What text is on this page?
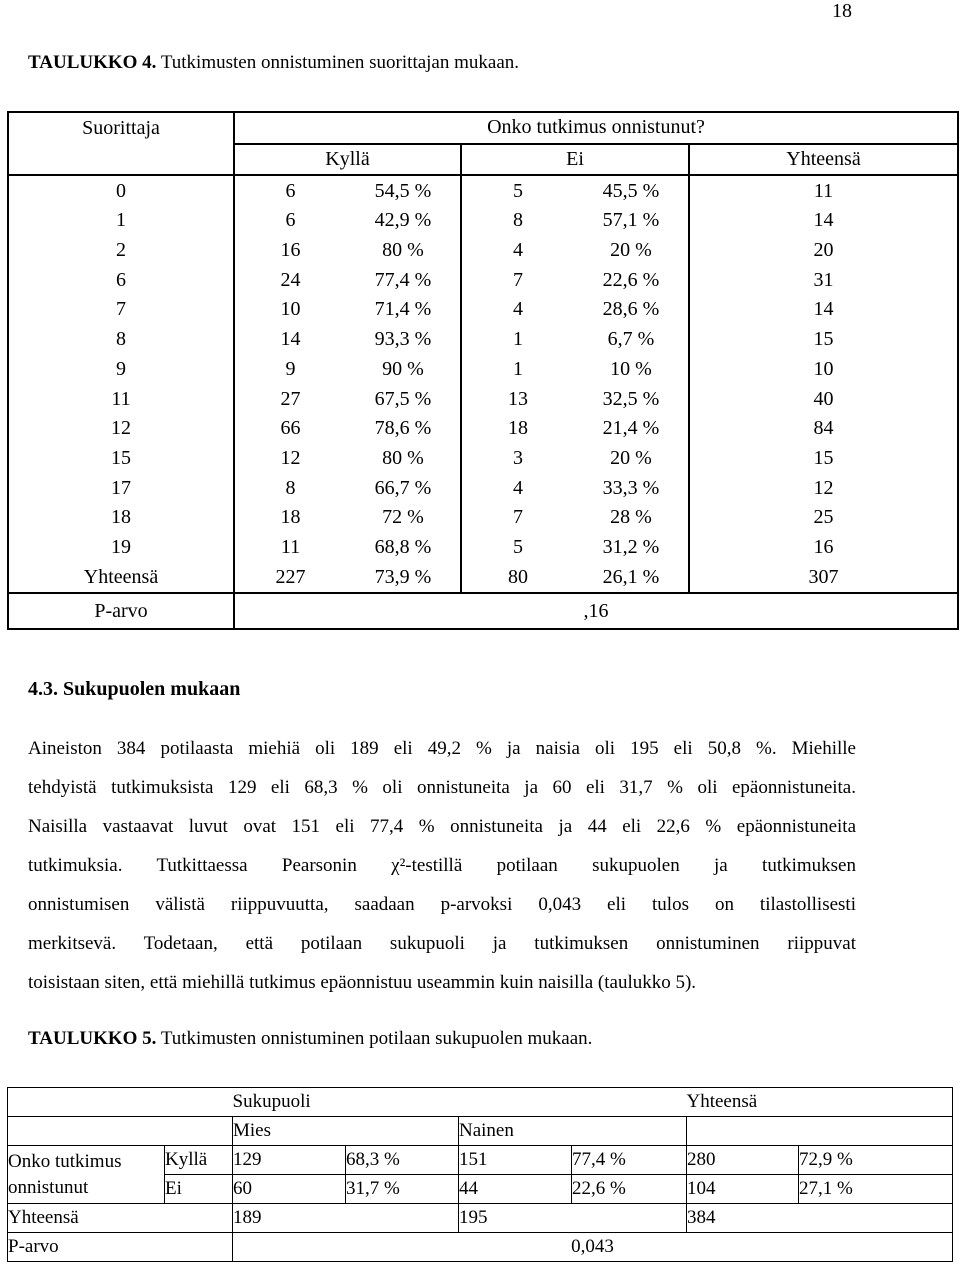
18
TAULUKKO 4. Tutkimusten onnistuminen suorittajan mukaan.
Suorittaja	Onko tutkimus onnistunut?				
	Kyllä		Ei		Yhteensä
0	6	54,5 %	5	45,5 %	11
1	6	42,9 %	8	57,1 %	14
2	16	80 %	4	20 %	20
6	24	77,4 %	7	22,6 %	31
7	10	71,4 %	4	28,6 %	14
8	14	93,3 %	1	6,7 %	15
9	9	90 %	1	10 %	10
11	27	67,5 %	13	32,5 %	40
12	66	78,6 %	18	21,4 %	84
15	12	80 %	3	20 %	15
17	8	66,7 %	4	33,3 %	12
18	18	72 %	7	28 %	25
19	11	68,8 %	5	31,2 %	16
Yhteensä	227	73,9 %	80	26,1 %	307
P-arvo	,16				
4.3. Sukupuolen mukaan
Aineiston 384 potilaasta miehiä oli 189 eli 49,2 % ja naisia oli 195 eli 50,8 %. Miehille
tehdyistä tutkimuksista 129 eli 68,3 % oli onnistuneita ja 60 eli 31,7 % oli epäonnistuneita.
Naisilla vastaavat luvut ovat 151 eli 77,4 % onnistuneita ja 44 eli 22,6 % epäonnistuneita
tutkimuksia. Tutkittaessa Pearsonin χ²-testillä potilaan sukupuolen ja tutkimuksen
onnistumisen välistä riippuvuutta, saadaan p-arvoksi 0,043 eli tulos on tilastollisesti
merkitsevä. Todetaan, että potilaan sukupuoli ja tutkimuksen onnistuminen riippuvat
toisistaan siten, että miehillä tutkimus epäonnistuu useammin kuin naisilla (taulukko 5).
TAULUKKO 5. Tutkimusten onnistuminen potilaan sukupuolen mukaan.
		Sukupuoli				Yhteensä	
		Mies		Nainen			
Onko tutkimus onnistunut	Kyllä	129	68,3 %	151	77,4 %	280	72,9 %
	Ei	60	31,7 %	44	22,6 %	104	27,1 %
Yhteensä		189		195		384	
P-arvo		0,043					
